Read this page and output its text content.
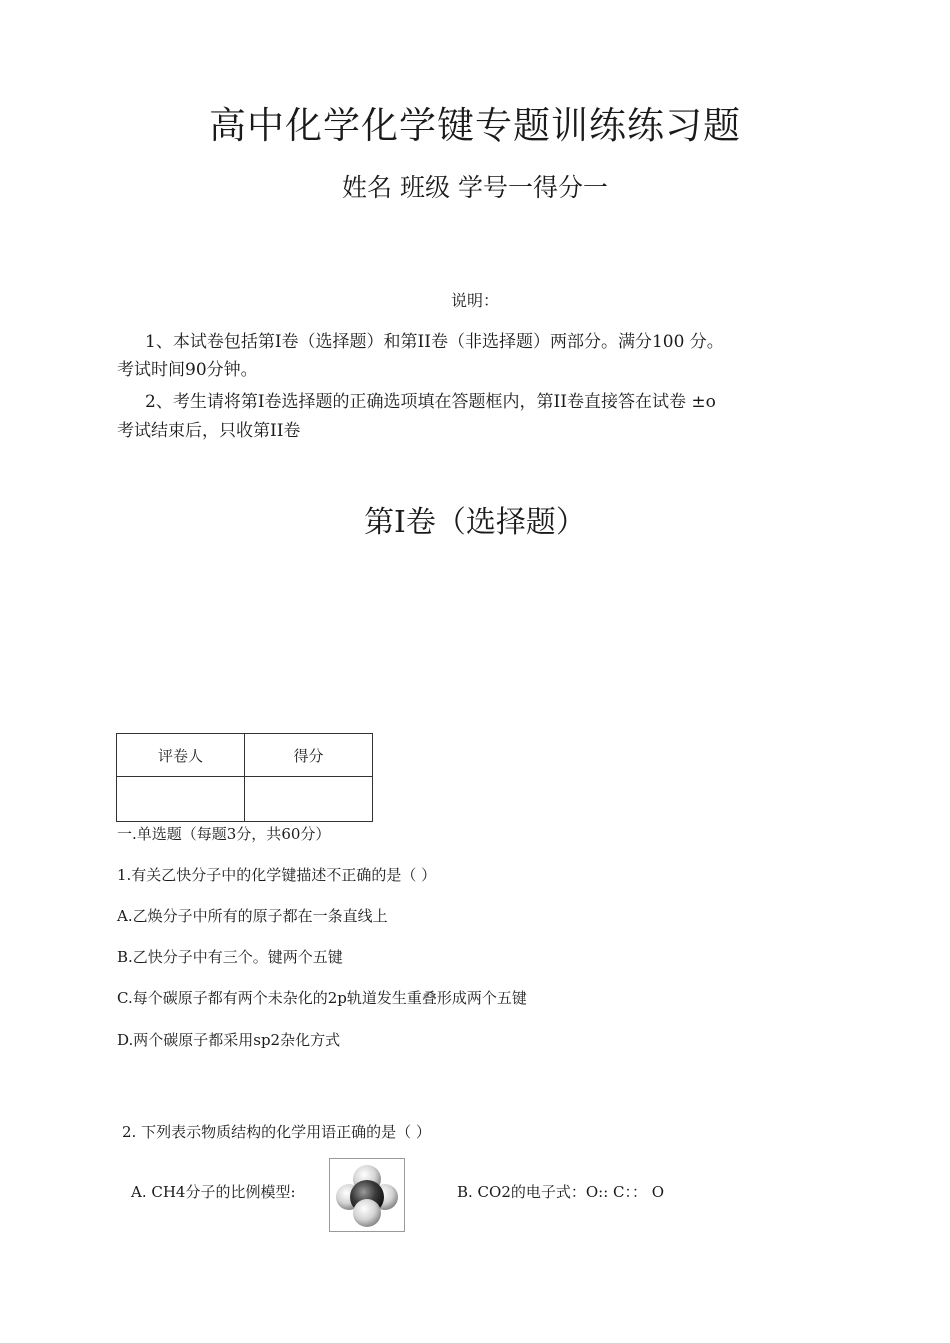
高中化学化学键专题训练练习题
姓名 班级 学号一得分一
说明：
1、本试卷包括第Ⅰ卷（选择题）和第ⅠI卷（非选择题）两部分。满分100 分。
考试时间90分钟。
2、考生请将第Ⅰ卷选择题的正确选项填在答题框内，第ⅠI卷直接答在试卷 ±o
考试结束后，只收第ⅠI卷
第Ⅰ卷（选择题）
评卷人	得分

一.单选题（每题3分，共60分）
1.有关乙快分子中的化学键描述不正确的是（ ）
A.乙焕分子中所有的原子都在一条直线上
B.乙快分子中有三个。键两个五键
C.每个碳原子都有两个未杂化的2p轨道发生重叠形成两个五键
D.两个碳原子都采用sp2杂化方式
2. 下列表示物质结构的化学用语正确的是（ ）
A. CH4分子的比例模型:	B. CO2的电子式：O:: C：： O
